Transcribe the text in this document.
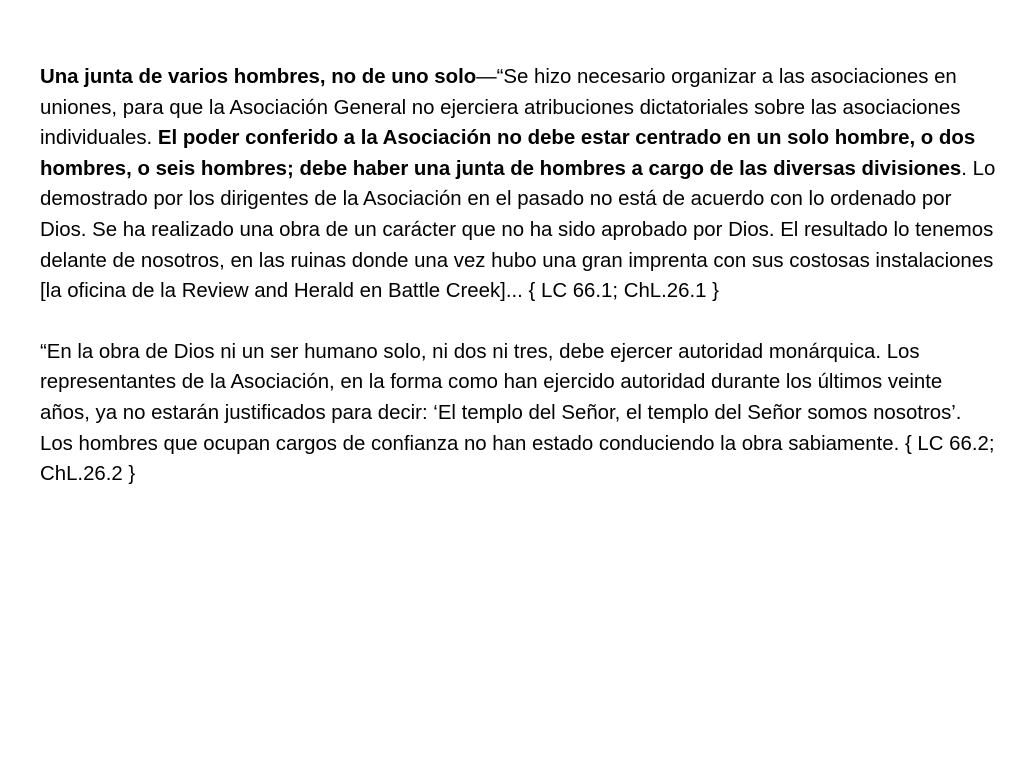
Una junta de varios hombres, no de uno solo—“Se hizo necesario organizar a las asociaciones en uniones, para que la Asociación General no ejerciera atribuciones dictatoriales sobre las asociaciones individuales. El poder conferido a la Asociación no debe estar centrado en un solo hombre, o dos hombres, o seis hombres; debe haber una junta de hombres a cargo de las diversas divisiones. Lo demostrado por los dirigentes de la Asociación en el pasado no está de acuerdo con lo ordenado por Dios. Se ha realizado una obra de un carácter que no ha sido aprobado por Dios. El resultado lo tenemos delante de nosotros, en las ruinas donde una vez hubo una gran imprenta con sus costosas instalaciones [la oficina de la Review and Herald en Battle Creek]... { LC 66.1; ChL.26.1 }

“En la obra de Dios ni un ser humano solo, ni dos ni tres, debe ejercer autoridad monárquica. Los representantes de la Asociación, en la forma como han ejercido autoridad durante los últimos veinte años, ya no estarán justificados para decir: ‘El templo del Señor, el templo del Señor somos nosotros’. Los hombres que ocupan cargos de confianza no han estado conduciendo la obra sabiamente. { LC 66.2; ChL.26.2 }
